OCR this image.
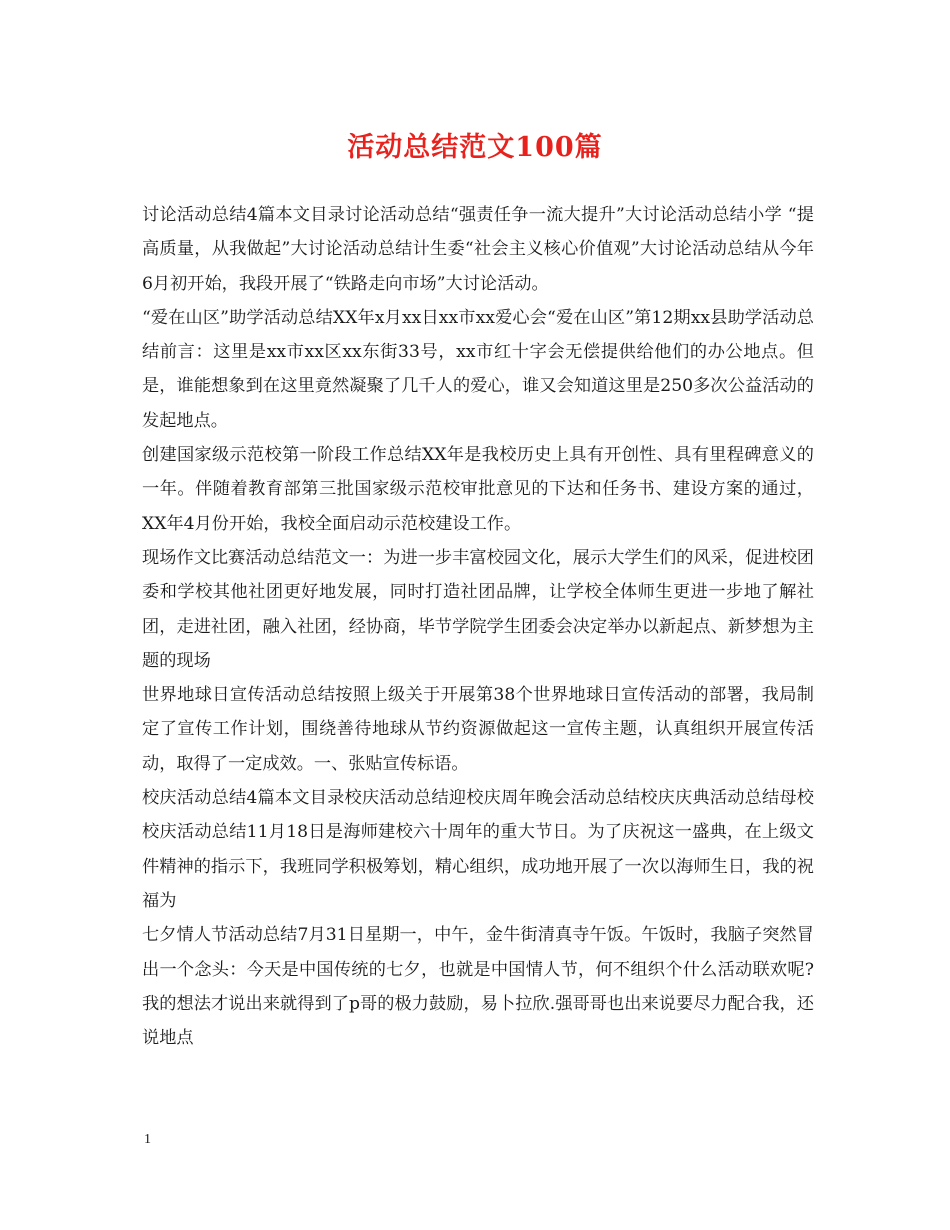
活动总结范文100篇

讨论活动总结4篇本文目录讨论活动总结“强责任争一流大提升”大讨论活动总结小学 “提高质量，从我做起”大讨论活动总结计生委“社会主义核心价值观”大讨论活动总结从今年6月初开始，我段开展了“铁路走向市场”大讨论活动。

“爱在山区”助学活动总结XX年x月xx日xx市xx爱心会“爱在山区”第12期xx县助学活动总结前言：这里是xx市xx区xx东街33号，xx市红十字会无偿提供给他们的办公地点。但是，谁能想象到在这里竟然凝聚了几千人的爱心，谁又会知道这里是250多次公益活动的发起地点。

创建国家级示范校第一阶段工作总结XX年是我校历史上具有开创性、具有里程碑意义的一年。伴随着教育部第三批国家级示范校审批意见的下达和任务书、建设方案的通过，XX年4月份开始，我校全面启动示范校建设工作。

现场作文比赛活动总结范文一：为进一步丰富校园文化，展示大学生们的风采，促进校团委和学校其他社团更好地发展，同时打造社团品牌，让学校全体师生更进一步地了解社团，走进社团，融入社团，经协商，毕节学院学生团委会决定举办以新起点、新梦想为主题的现场

世界地球日宣传活动总结按照上级关于开展第38个世界地球日宣传活动的部署，我局制定了宣传工作计划，围绕善待地球从节约资源做起这一宣传主题，认真组织开展宣传活动，取得了一定成效。一、张贴宣传标语。

校庆活动总结4篇本文目录校庆活动总结迎校庆周年晚会活动总结校庆庆典活动总结母校校庆活动总结11月18日是海师建校六十周年的重大节日。为了庆祝这一盛典，在上级文件精神的指示下，我班同学积极筹划，精心组织，成功地开展了一次以海师生日，我的祝福为

七夕情人节活动总结7月31日星期一，中午，金牛街清真寺午饭。午饭时，我脑子突然冒出一个念头：今天是中国传统的七夕，也就是中国情人节，何不组织个什么活动联欢呢?我的想法才说出来就得到了p哥的极力鼓励，易卜拉欣.强哥哥也出来说要尽力配合我，还说地点

1
